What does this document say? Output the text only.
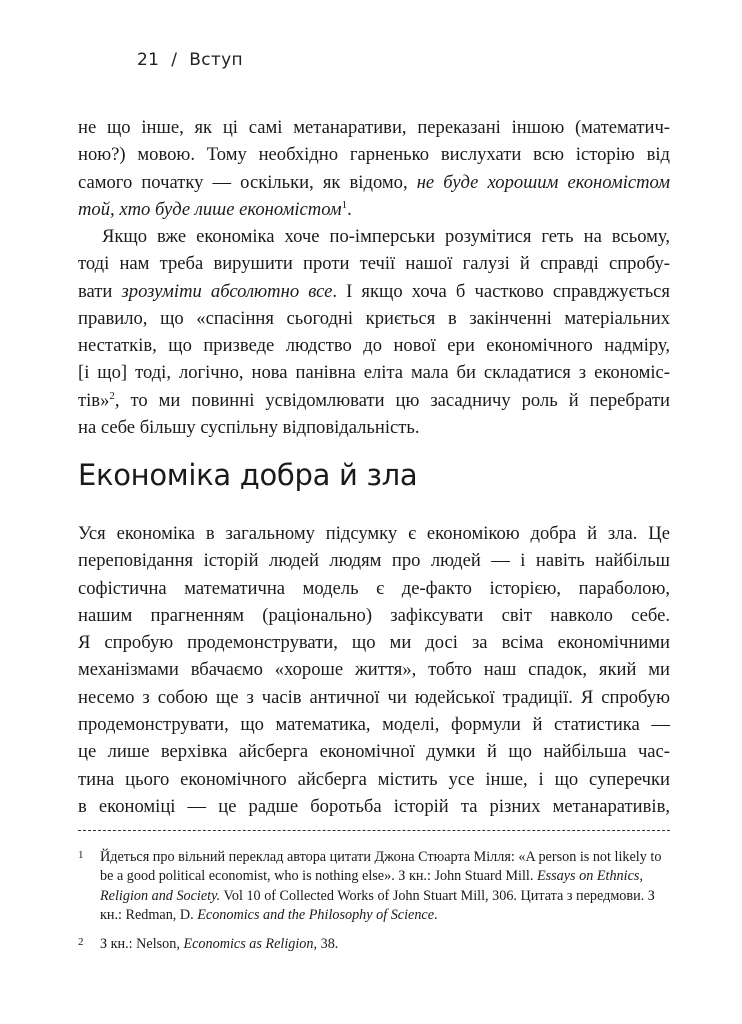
21 / Вступ
не що інше, як ці самі метанаративи, переказані іншою (математич-
ною?) мовою. Тому необхідно гарненько вислухати всю історію від
самого початку — оскільки, як відомо, не буде хорошим економістом
той, хто буде лише економістом$^1$.
Якщо вже економіка хоче по-імперськи розумітися геть на всьому,
тоді нам треба вирушити проти течії нашої галузі й справді спробу-
вати зрозуміти абсолютно все. І якщо хоча б частково справджується
правило, що «спасіння сьогодні криється в закінченні матеріальних
нестатків, що призведе людство до нової ери економічного надміру,
[і що] тоді, логічно, нова панівна еліта мала би складатися з економіс-
тів»$^2$, то ми повинні усвідомлювати цю засадничу роль й перебрати
на себе більшу суспільну відповідальність.
Економіка добра й зла
Уся економіка в загальному підсумку є економікою добра й зла. Це
переповідання історій людей людям про людей — і навіть найбільш
софістична математична модель є де-факто історією, параболою,
нашим прагненням (раціонально) зафіксувати світ навколо себе.
Я спробую продемонструвати, що ми досі за всіма економічними
механізмами вбачаємо «хороше життя», тобто наш спадок, який ми
несемо з собою ще з часів античної чи юдейської традиції. Я спробую
продемонструвати, що математика, моделі, формули й статистика —
це лише верхівка айсберга економічної думки й що найбільша час-
тина цього економічного айсберга містить усе інше, і що суперечки
в економіці — це радше боротьба історій та різних метанаративів,

1 Йдеться про вільний переклад автора цитати Джона Стюарта Мілля: «A person is not likely to be a good political economist, who is nothing else». З кн.: John Stuard Mill. Essays on Ethnics, Religion and Society. Vol 10 of Collected Works of John Stuart Mill, 306. Цитата з передмови. З кн.: Redman, D. Economics and the Philosophy of Science.

2 З кн.: Nelson, Economics as Religion, 38.
